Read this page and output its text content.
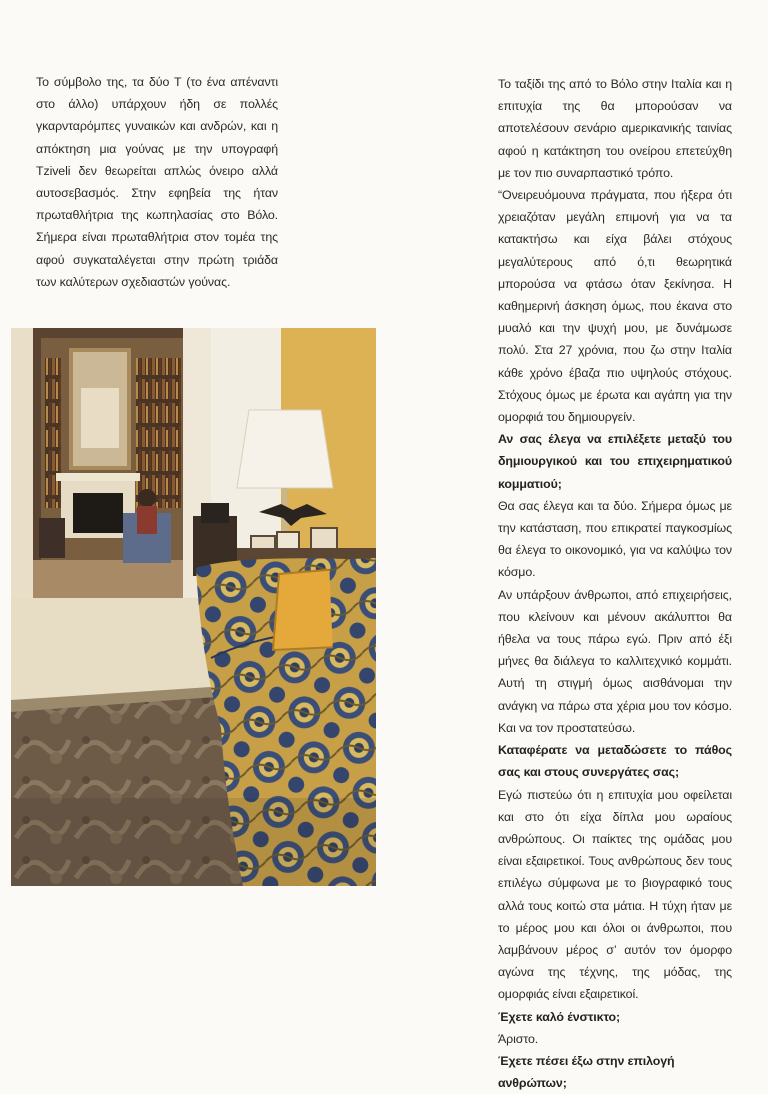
Το σύμβολο της, τα δύο Τ (το ένα απέναντι στο άλλο) υπάρχουν ήδη σε πολλές γκαρνταρόμπες γυναικών και ανδρών, και η απόκτηση μια γούνας με την υπογραφή Tziveli δεν θεωρείται απλώς όνειρο αλλά αυτοσεβασμός. Στην εφηβεία της ήταν πρωταθλήτρια της κωπηλασίας στο Βόλο. Σήμερα είναι πρωταθλήτρια στον τομέα της αφού συγκαταλέγεται στην πρώτη τριάδα των καλύτερων σχεδιαστών γούνας.

Το ταξίδι της από το Βόλο στην Ιταλία και η επιτυχία της θα μπορούσαν να αποτελέσουν σενάριο αμερικανικής ταινίας αφού η κατάκτηση του ονείρου επετεύχθη με τον πιο συναρπαστικό τρόπο.

“Ονειρευόμουνα πράγματα, που ήξερα ότι χρειαζόταν μεγάλη επιμονή για να τα κατακτήσω και είχα βάλει στόχους μεγαλύτερους από ό,τι θεωρητικά μπορούσα να φτάσω όταν ξεκίνησα. Η καθημερινή άσκηση όμως, που έκανα στο μυαλό και την ψυχή μου, με δυνάμωσε πολύ. Στα 27 χρόνια, που ζω στην Ιταλία κάθε χρόνο έβαζα πιο υψηλούς στόχους. Στόχους όμως με έρωτα και αγάπη για την ομορφιά του δημιουργείν.

Αν σας έλεγα να επιλέξετε μεταξύ του δημιουργικού και του επιχειρηματικού κομματιού;

Θα σας έλεγα και τα δύο. Σήμερα όμως με την κατάσταση, που επικρατεί παγκοσμίως θα έλεγα το οικονομικό, για να καλύψω τον κόσμο.

Αν υπάρξουν άνθρωποι, από επιχειρήσεις, που κλείνουν και μένουν ακάλυπτοι θα ήθελα να τους πάρω εγώ. Πριν από έξι μήνες θα διάλεγα το καλλιτεχνικό κομμάτι. Αυτή τη στιγμή όμως αισθάνομαι την ανάγκη να πάρω στα χέρια μου τον κόσμο. Και να τον προστατεύσω.

Καταφέρατε να μεταδώσετε το πάθος σας και στους συνεργάτες σας;

Εγώ πιστεύω ότι η επιτυχία μου οφείλεται και στο ότι είχα δίπλα μου ωραίους ανθρώπους. Οι παίκτες της ομάδας μου είναι εξαιρετικοί. Τους ανθρώπους δεν τους επιλέγω σύμφωνα με το βιογραφικό τους αλλά τους κοιτώ στα μάτια. Η τύχη ήταν με το μέρος μου και όλοι οι άνθρωποι, που λαμβάνουν μέρος σ’ αυτόν τον όμορφο αγώνα της τέχνης, της μόδας, της ομορφιάς είναι εξαιρετικοί.

Έχετε καλό ένστικτο;

Άριστο.

Έχετε πέσει έξω στην επιλογή ανθρώπων;
